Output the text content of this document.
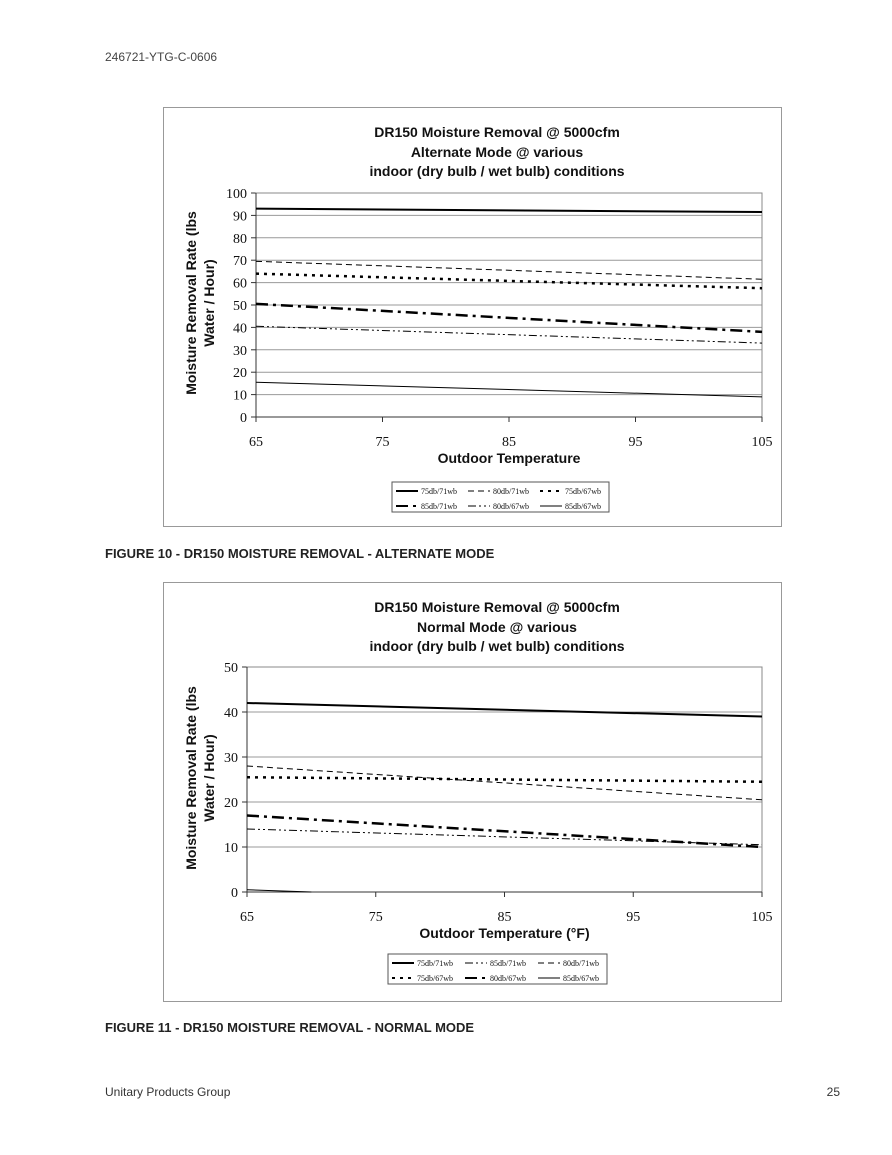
246721-YTG-C-0606
DR150 Moisture Removal @ 5000cfm
Alternate Mode @ various
indoor (dry bulb / wet bulb) conditions
0
10
20
30
40
50
60
70
80
90
100
65	75	85	95	105
Outdoor Temperature
Moisture Removal Rate (lbs Water / Hour)
75db/71wb	80db/71wb	75db/67wb
85db/71wb	80db/67wb	85db/67wb
FIGURE 10 - DR150 MOISTURE REMOVAL - ALTERNATE MODE
DR150 Moisture Removal @ 5000cfm
Normal Mode @ various
indoor (dry bulb / wet bulb) conditions
0
10
20
30
40
50
65	75	85	95	105
Outdoor Temperature (°F)
Moisture Removal Rate (lbs Water / Hour)
75db/71wb	85db/71wb	80db/71wb
75db/67wb	80db/67wb	85db/67wb
FIGURE 11 - DR150 MOISTURE REMOVAL - NORMAL MODE
Unitary Products Group	25
